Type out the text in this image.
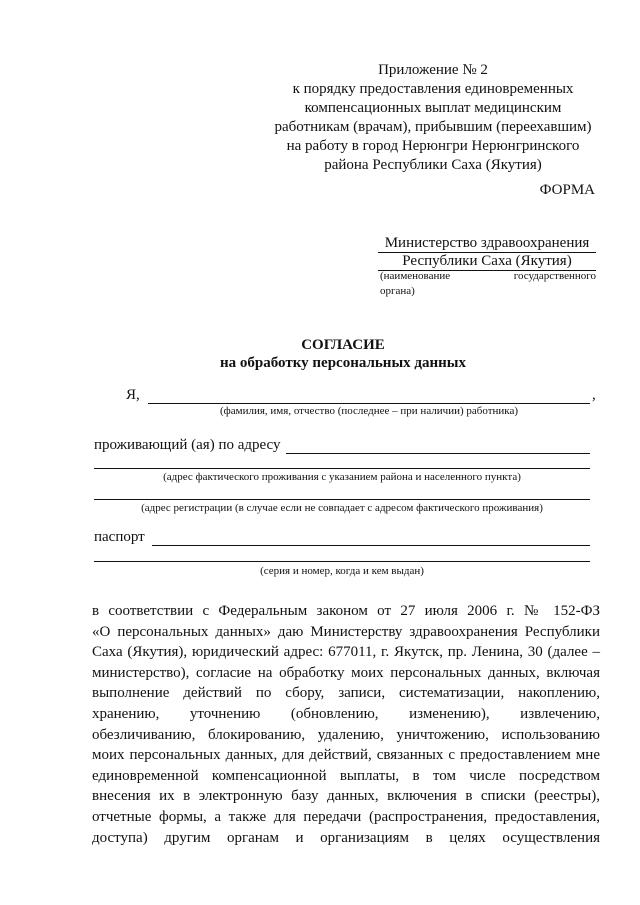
Приложение № 2
к порядку предоставления единовременных
компенсационных выплат медицинским
работникам (врачам), прибывшим (переехавшим)
на работу в город Нерюнгри Нерюнгринского
района Республики Саха (Якутия)
ФОРМА
Министерство здравоохранения
Республики Саха (Якутия)
(наименование государственного
органа)
СОГЛАСИЕ
на обработку персональных данных
Я,	,
(фамилия, имя, отчество (последнее – при наличии) работника)
проживающий (ая) по адресу
(адрес фактического проживания с указанием района и населенного пункта)
(адрес регистрации (в случае если не совпадает с адресом фактического проживания)
паспорт
(серия и номер, когда и кем выдан)
в соответствии с Федеральным законом от 27 июля 2006 г. № 152-ФЗ
«О персональных данных» даю Министерству здравоохранения Республики
Саха (Якутия), юридический адрес: 677011, г. Якутск, пр. Ленина, 30 (далее –
министерство), согласие на обработку моих персональных данных, включая
выполнение действий по сбору, записи, систематизации, накоплению,
хранению, уточнению (обновлению, изменению), извлечению,
обезличиванию, блокированию, удалению, уничтожению, использованию
моих персональных данных, для действий, связанных с предоставлением мне
единовременной компенсационной выплаты, в том числе посредством
внесения их в электронную базу данных, включения в списки (реестры),
отчетные формы, а также для передачи (распространения, предоставления,
доступа) другим органам и организациям в целях осуществления
